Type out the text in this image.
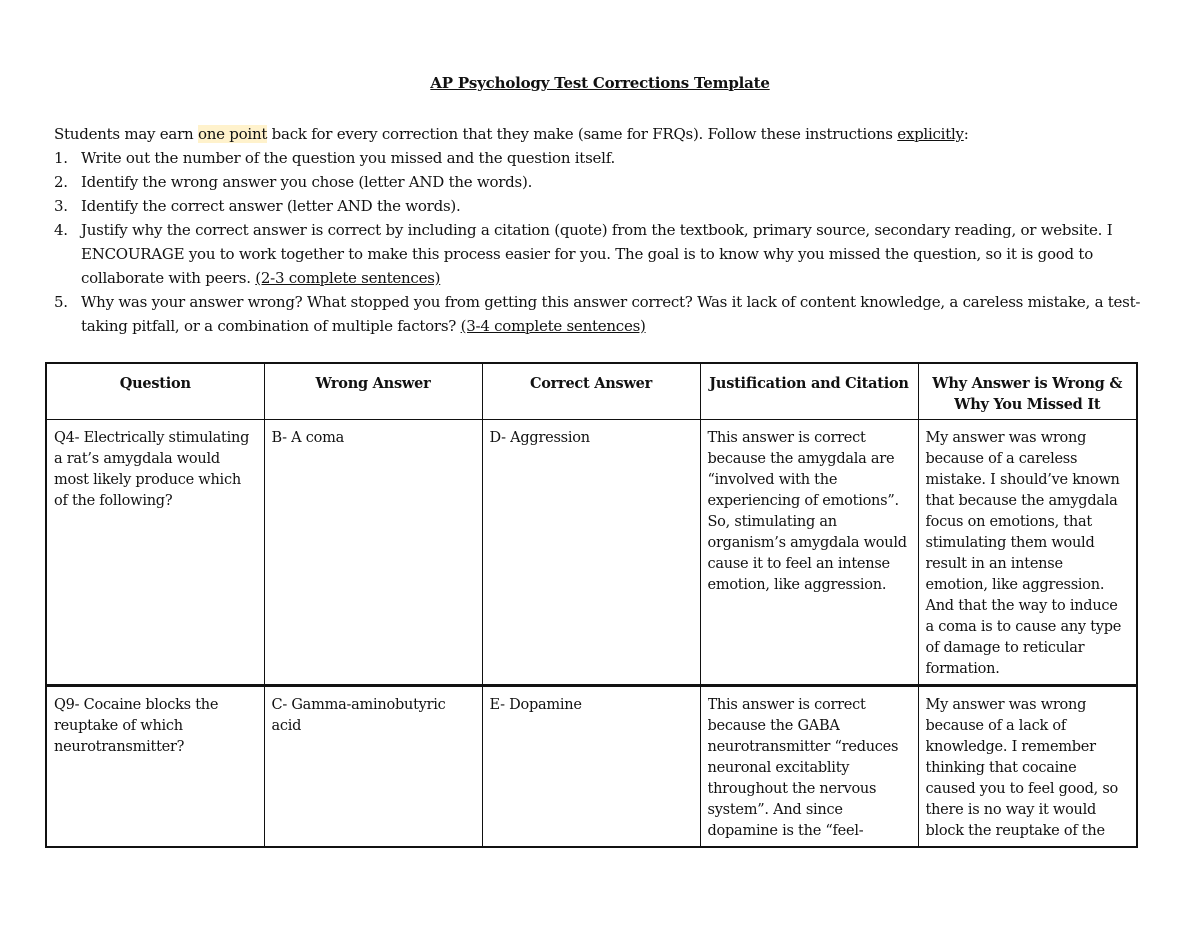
AP Psychology Test Corrections Template
Students may earn one point back for every correction that they make (same for FRQs). Follow these instructions explicitly:
1. Write out the number of the question you missed and the question itself.
2. Identify the wrong answer you chose (letter AND the words).
3. Identify the correct answer (letter AND the words).
4. Justify why the correct answer is correct by including a citation (quote) from the textbook, primary source, secondary reading, or website. I ENCOURAGE you to work together to make this process easier for you. The goal is to know why you missed the question, so it is good to collaborate with peers. (2-3 complete sentences)
5. Why was your answer wrong? What stopped you from getting this answer correct? Was it lack of content knowledge, a careless mistake, a test-taking pitfall, or a combination of multiple factors? (3-4 complete sentences)
Question	Wrong Answer	Correct Answer	Justification and Citation	Why Answer is Wrong & Why You Missed It
Q4- Electrically stimulating a rat’s amygdala would most likely produce which of the following?	B- A coma	D- Aggression	This answer is correct because the amygdala are “involved with the experiencing of emotions”. So, stimulating an organism’s amygdala would cause it to feel an intense emotion, like aggression.	My answer was wrong because of a careless mistake. I should’ve known that because the amygdala focus on emotions, that stimulating them would result in an intense emotion, like aggression. And that the way to induce a coma is to cause any type of damage to reticular formation.

Q9- Cocaine blocks the reuptake of which neurotransmitter?	C- Gamma-aminobutyric acid	E- Dopamine	This answer is correct because the GABA neurotransmitter “reduces neuronal excitablity throughout the nervous system”. And since dopamine is the “feel-	My answer was wrong because of a lack of knowledge. I remember thinking that cocaine caused you to feel good, so there is no way it would block the reuptake of the
